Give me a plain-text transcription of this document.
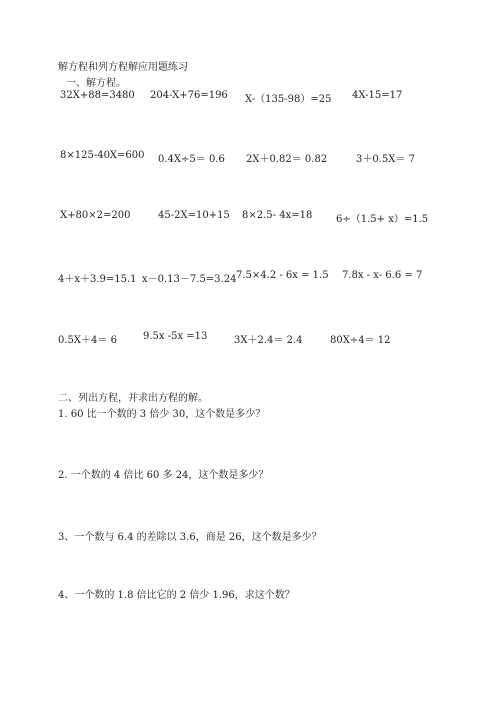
解方程和列方程解应用题练习
一、解方程。
32X+88=3480 204-X+76=196 X-（135-98）=25 4X-15=17
8×125-40X=600 0.4X÷5＝ 0.6 2X＋0.82＝ 0.82	3＋0.5X＝ 7
X+80×2=200	45-2X=10+15 8×2.5- 4x=18 6÷（1.5+ x）=1.5
4＋x＋3.9=15.1 x－0.13－7.5=3.24 7.5×4.2 - 6x = 1.5 7.8x - x- 6.6 = 7
0.5X＋4＝ 6	9.5x -5x =13	3X＋2.4＝ 2.4	80X÷4＝ 12
二、列出方程，并求出方程的解。
1. 60 比一个数的 3 倍少 30，这个数是多少？
2. 一个数的 4 倍比 60 多 24，这个数是多少？
3、一个数与 6.4 的差除以 3.6，商是 26，这个数是多少？
4、一个数的 1.8 倍比它的 2 倍少 1.96，求这个数？
